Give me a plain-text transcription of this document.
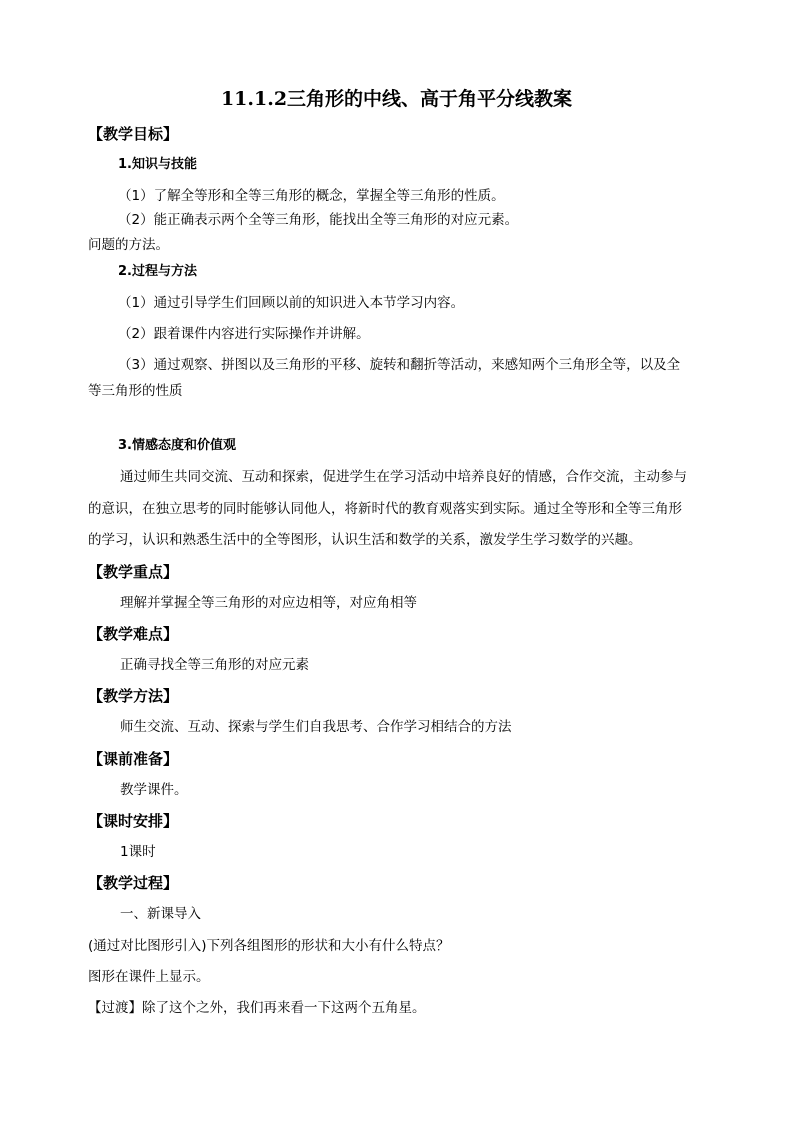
11.1.2三角形的中线、高于角平分线教案
【教学目标】
1.知识与技能
（1）了解全等形和全等三角形的概念，掌握全等三角形的性质。
（2）能正确表示两个全等三角形，能找出全等三角形的对应元素。
问题的方法。
2.过程与方法
（1）通过引导学生们回顾以前的知识进入本节学习内容。
（2）跟着课件内容进行实际操作并讲解。
（3）通过观察、拼图以及三角形的平移、旋转和翻折等活动，来感知两个三角形全等，以及全
等三角形的性质
3.情感态度和价值观
通过师生共同交流、互动和探索，促进学生在学习活动中培养良好的情感，合作交流，主动参与
的意识，在独立思考的同时能够认同他人，将新时代的教育观落实到实际。通过全等形和全等三角形
的学习，认识和熟悉生活中的全等图形，认识生活和数学的关系，激发学生学习数学的兴趣。
【教学重点】
理解并掌握全等三角形的对应边相等，对应角相等
【教学难点】
正确寻找全等三角形的对应元素
【教学方法】
师生交流、互动、探索与学生们自我思考、合作学习相结合的方法
【课前准备】
教学课件。
【课时安排】
1课时
【教学过程】
一、新课导入
(通过对比图形引入)下列各组图形的形状和大小有什么特点？
图形在课件上显示。
【过渡】除了这个之外，我们再来看一下这两个五角星。
